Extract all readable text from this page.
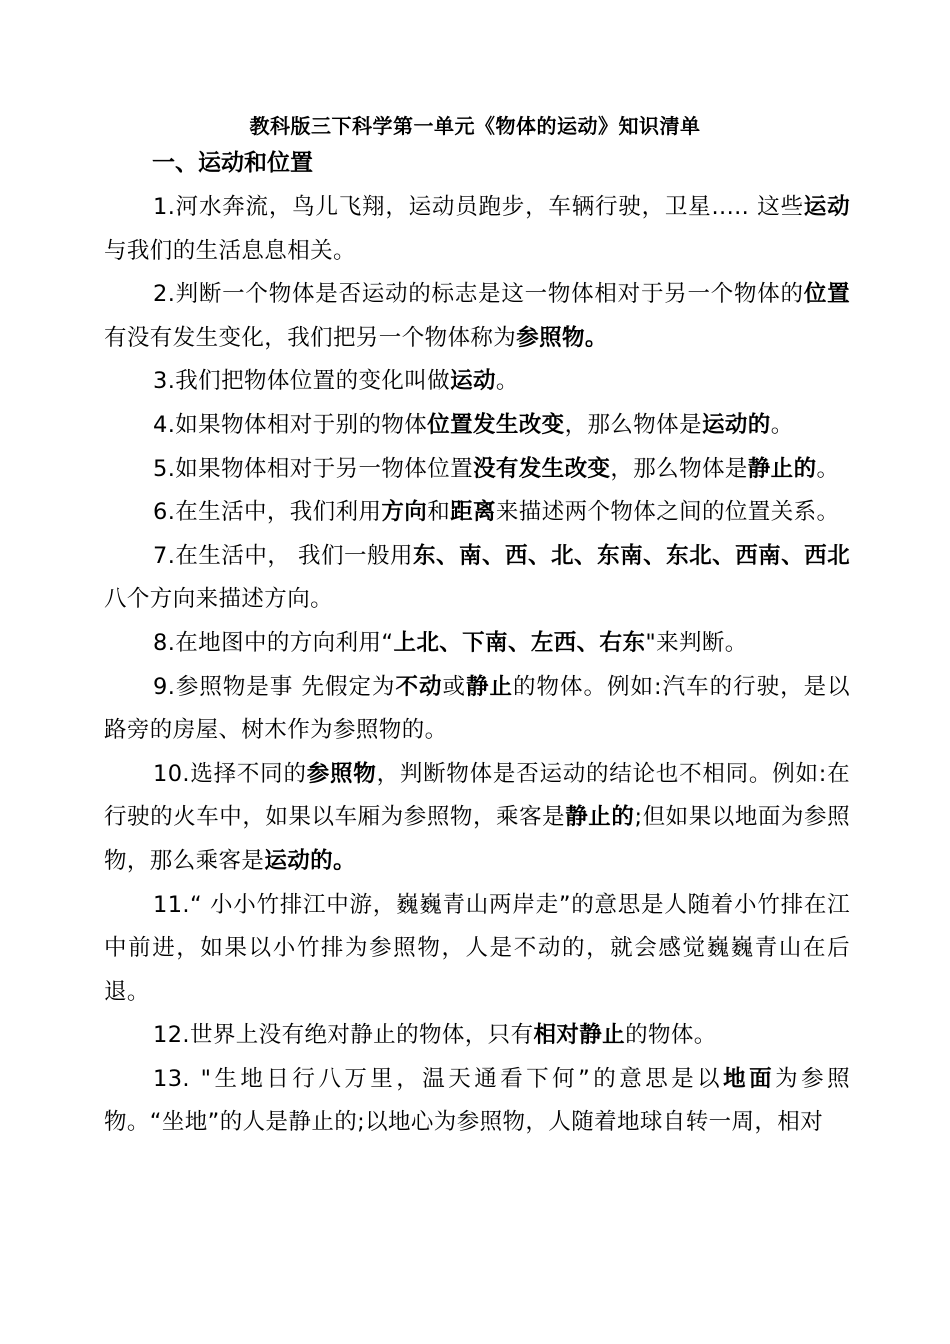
教科版三下科学第一单元《物体的运动》知识清单
一、运动和位置

1.河水奔流，鸟儿飞翔，运动员跑步，车辆行驶，卫星..... 这些运动与我们的生活息息相关。

2.判断一个物体是否运动的标志是这一物体相对于另一个物体的位置有没有发生变化，我们把另一个物体称为参照物。

3.我们把物体位置的变化叫做运动。

4.如果物体相对于别的物体位置发生改变，那么物体是运动的。

5.如果物体相对于另一物体位置没有发生改变，那么物体是静止的。

6.在生活中，我们利用方向和距离来描述两个物体之间的位置关系。

7.在生活中， 我们一般用东、南、西、北、东南、东北、西南、西北八个方向来描述方向。

8.在地图中的方向利用“上北、下南、左西、右东"来判断。

9.参照物是事 先假定为不动或静止的物体。例如:汽车的行驶，是以路旁的房屋、树木作为参照物的。

10.选择不同的参照物，判断物体是否运动的结论也不相同。例如:在行驶的火车中，如果以车厢为参照物，乘客是静止的;但如果以地面为参照物，那么乘客是运动的。

11.“ 小小竹排江中游，巍巍青山两岸走”的意思是人随着小竹排在江中前进，如果以小竹排为参照物，人是不动的，就会感觉巍巍青山在后退。

12.世界上没有绝对静止的物体，只有相对静止的物体。

13. "生地日行八万里，温天通看下何”的意思是以地面为参照物。“坐地”的人是静止的;以地心为参照物，人随着地球自转一周，相对
